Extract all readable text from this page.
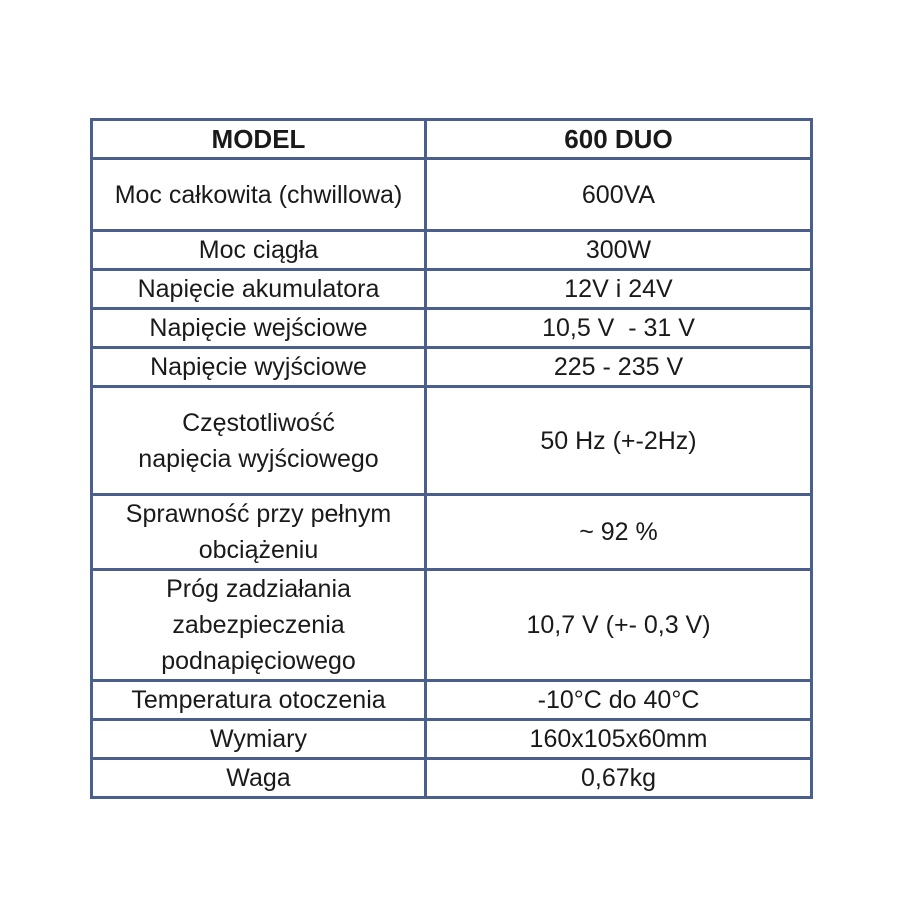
MODEL	600 DUO
Moc całkowita (chwillowa)	600VA
Moc ciągła	300W
Napięcie akumulatora	12V i 24V
Napięcie wejściowe	10,5 V  - 31 V
Napięcie wyjściowe	225 - 235 V
Częstotliwość napięcia wyjściowego	50 Hz (+-2Hz)
Sprawność przy pełnym obciążeniu	~ 92 %
Próg zadziałania zabezpieczenia podnapięciowego	10,7 V (+- 0,3 V)
Temperatura otoczenia	-10°C do 40°C
Wymiary	160x105x60mm
Waga	0,67kg
